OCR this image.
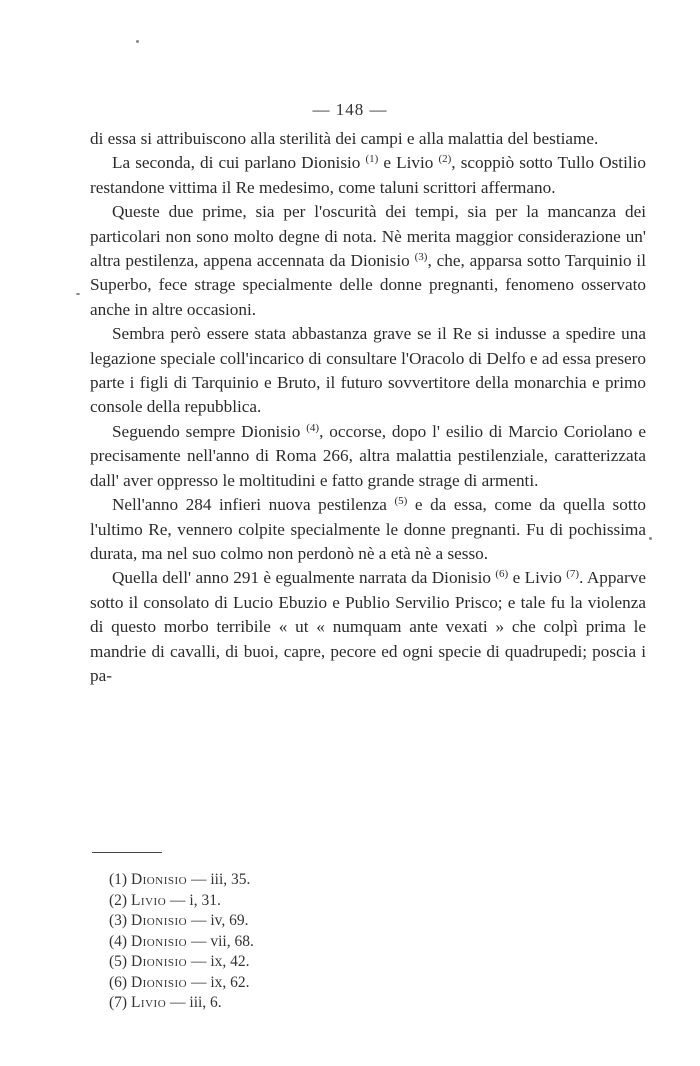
— 148 —

di essa si attribuiscono alla sterilità dei campi e alla malattia del bestiame.

La seconda, di cui parlano Dionisio $^{(1)}$ e Livio $^{(2)}$, scoppiò sotto Tullo Ostilio restandone vittima il Re medesimo, come taluni scrittori affermano.

Queste due prime, sia per l'oscurità dei tempi, sia per la mancanza dei particolari non sono molto degne di nota. Nè merita maggior considerazione un' altra pestilenza, appena accennata da Dionisio $^{(3)}$, che, apparsa sotto Tarquinio il Superbo, fece strage specialmente delle donne pregnanti, fenomeno osservato anche in altre occasioni.

Sembra però essere stata abbastanza grave se il Re si indusse a spedire una legazione speciale coll'incarico di consultare l'Oracolo di Delfo e ad essa presero parte i figli di Tarquinio e Bruto, il futuro sovvertitore della monarchia e primo console della repubblica.

Seguendo sempre Dionisio $^{(4)}$, occorse, dopo l' esilio di Marcio Coriolano e precisamente nell'anno di Roma 266, altra malattia pestilenziale, caratterizzata dall' aver oppresso le moltitudini e fatto grande strage di armenti.

Nell'anno 284 infieri nuova pestilenza $^{(5)}$ e da essa, come da quella sotto l'ultimo Re, vennero colpite specialmente le donne pregnanti. Fu di pochissima durata, ma nel suo colmo non perdonò nè a età nè a sesso.

Quella dell' anno 291 è egualmente narrata da Dionisio $^{(6)}$ e Livio $^{(7)}$. Apparve sotto il consolato di Lucio Ebuzio e Publio Servilio Prisco; e tale fu la violenza di questo morbo terribile « ut « numquam ante vexati » che colpì prima le mandrie di cavalli, di buoi, capre, pecore ed ogni specie di quadrupedi; poscia i pa-

(1) Dionisio — iii, 35.
(2) Livio — i, 31.
(3) Dionisio — iv, 69.
(4) Dionisio — vii, 68.
(5) Dionisio — ix, 42.
(6) Dionisio — ix, 62.
(7) Livio — iii, 6.
